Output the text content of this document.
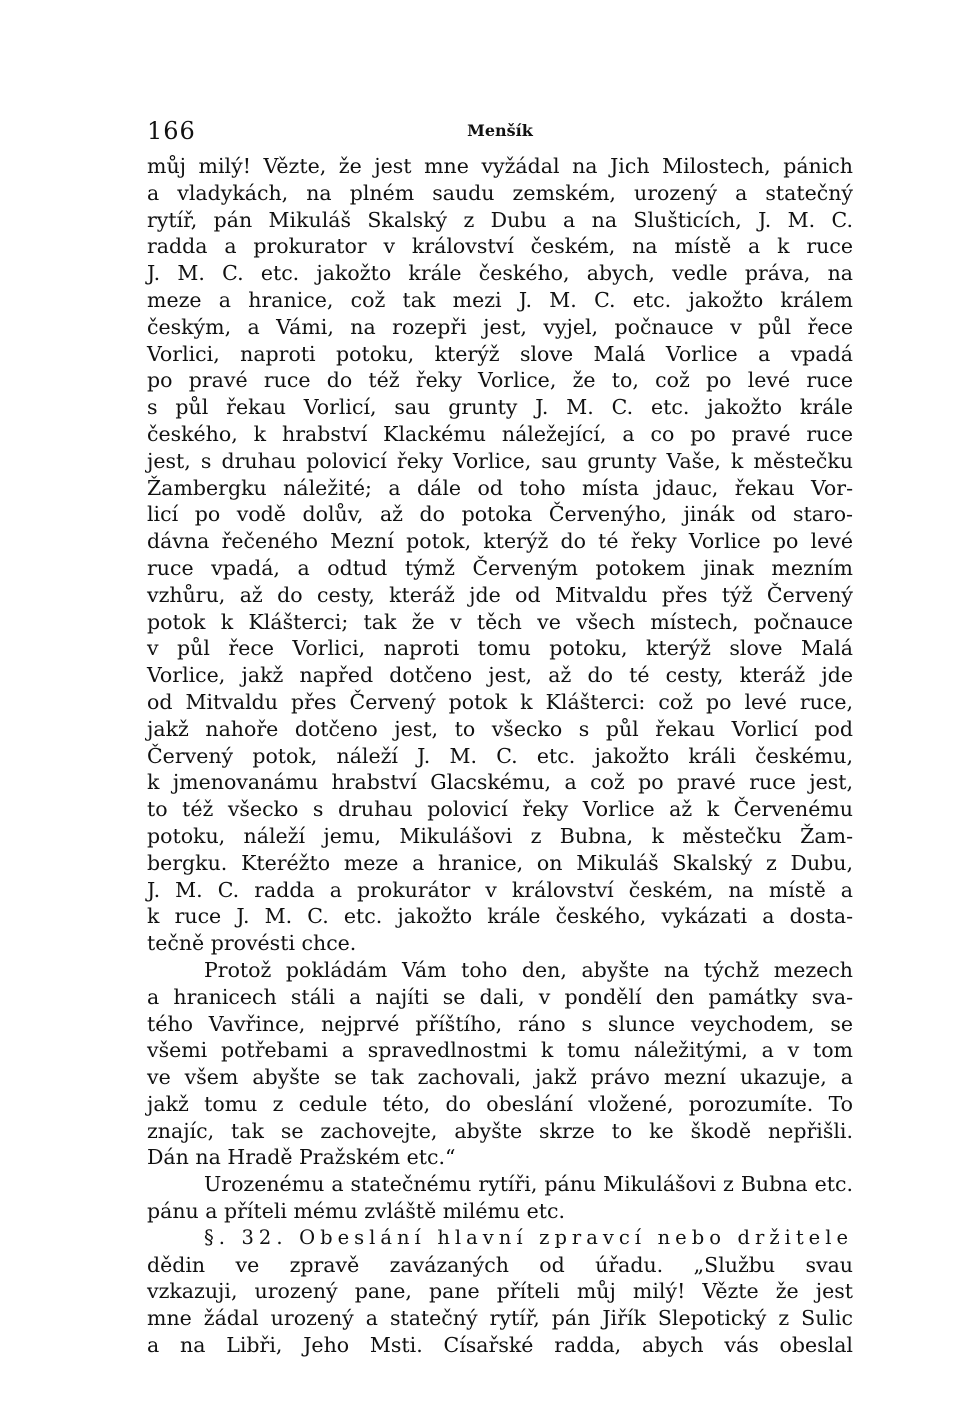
166	Menšík
můj milý! Vězte, že jest mne vyžádal na Jich Milostech, pánich
a vladykách, na plném saudu zemském, urozený a statečný
rytíř, pán Mikuláš Skalský z Dubu a na Slušticích, J. M. C.
radda a prokurator v království českém, na místě a k ruce
J. M. C. etc. jakožto krále českého, abych, vedle práva, na
meze a hranice, což tak mezi J. M. C. etc. jakožto králem
českým, a Vámi, na rozepři jest, vyjel, počnauce v půl řece
Vorlici, naproti potoku, kterýž slove Malá Vorlice a vpadá
po pravé ruce do též řeky Vorlice, že to, což po levé ruce
s půl řekau Vorlicí, sau grunty J. M. C. etc. jakožto krále
českého, k hrabství Klackému náležející, a co po pravé ruce
jest, s druhau polovicí řeky Vorlice, sau grunty Vaše, k městečku
Žambergku náležité; a dále od toho místa jdauc, řekau Vor-
licí po vodě dolův, až do potoka Červenýho, jinák od staro-
dávna řečeného Mezní potok, kterýž do té řeky Vorlice po levé
ruce vpadá, a odtud týmž Červeným potokem jinak mezním
vzhůru, až do cesty, kteráž jde od Mitvaldu přes týž Červený
potok k Klášterci; tak že v těch ve všech místech, počnauce
v půl řece Vorlici, naproti tomu potoku, kterýž slove Malá
Vorlice, jakž napřed dotčeno jest, až do té cesty, kteráž jde
od Mitvaldu přes Červený potok k Klášterci: což po levé ruce,
jakž nahoře dotčeno jest, to všecko s půl řekau Vorlicí pod
Červený potok, náleží J. M. C. etc. jakožto králi českému,
k jmenovanámu hrabství Glacskému, a což po pravé ruce jest,
to též všecko s druhau polovicí řeky Vorlice až k Červenému
potoku, náleží jemu, Mikulášovi z Bubna, k městečku Žam-
bergku. Kteréžto meze a hranice, on Mikuláš Skalský z Dubu,
J. M. C. radda a prokurátor v království českém, na místě a
k ruce J. M. C. etc. jakožto krále českého, vykázati a dosta-
tečně provésti chce.
Protož pokládám Vám toho den, abyšte na týchž mezech
a hranicech stáli a najíti se dali, v pondělí den památky sva-
tého Vavřince, nejprvé příštího, ráno s slunce veychodem, se
všemi potřebami a spravedlnostmi k tomu náležitými, a v tom
ve všem abyšte se tak zachovali, jakž právo mezní ukazuje, a
jakž tomu z cedule této, do obeslání vložené, porozumíte. To
znajíc, tak se zachovejte, abyšte skrze to ke škodě nepřišli.
Dán na Hradě Pražském etc.“
Urozenému a statečnému rytíři, pánu Mikulášovi z Bubna etc.
pánu a příteli mému zvláště milému etc.
§. 32. Obeslání hlavní zpravcí nebo držitele
dědin ve zpravě zavázaných od úřadu. „Službu svau
vzkazuji, urozený pane, pane příteli můj milý! Vězte že jest
mne žádal urozený a statečný rytíř, pán Jiřík Slepotický z Sulic
a na Libři, Jeho Msti. Císařské radda, abych vás obeslal
